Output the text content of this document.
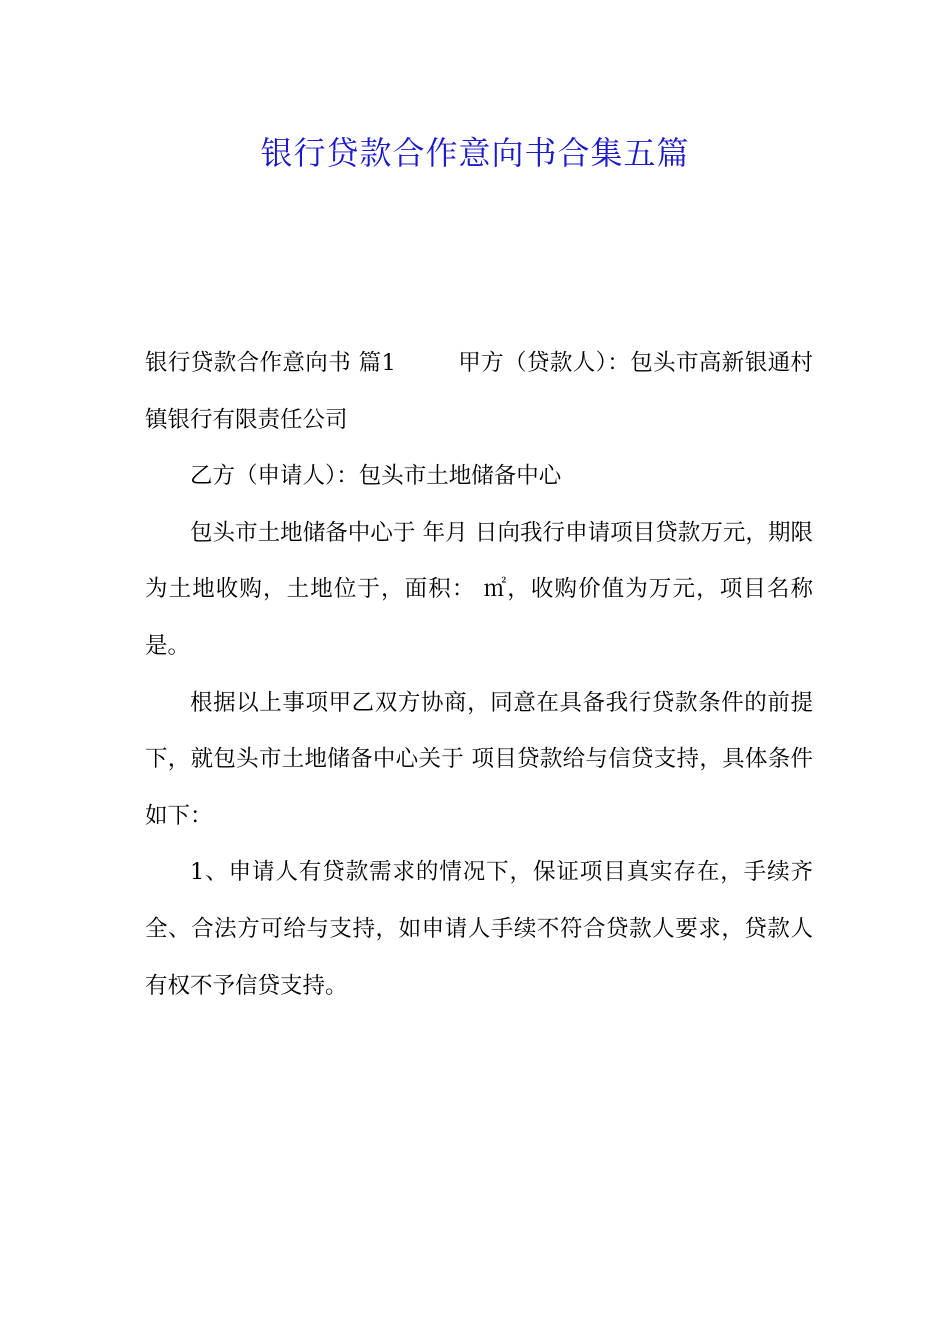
银行贷款合作意向书合集五篇

银行贷款合作意向书 篇1	甲方（贷款人）：包头市高新银通村镇银行有限责任公司

乙方（申请人）：包头市土地储备中心

包头市土地储备中心于 年月 日向我行申请项目贷款万元，期限为土地收购，土地位于，面积： ㎡，收购价值为万元，项目名称是。

根据以上事项甲乙双方协商，同意在具备我行贷款条件的前提下，就包头市土地储备中心关于 项目贷款给与信贷支持，具体条件如下：

1、申请人有贷款需求的情况下，保证项目真实存在，手续齐全、合法方可给与支持，如申请人手续不符合贷款人要求，贷款人有权不予信贷支持。
